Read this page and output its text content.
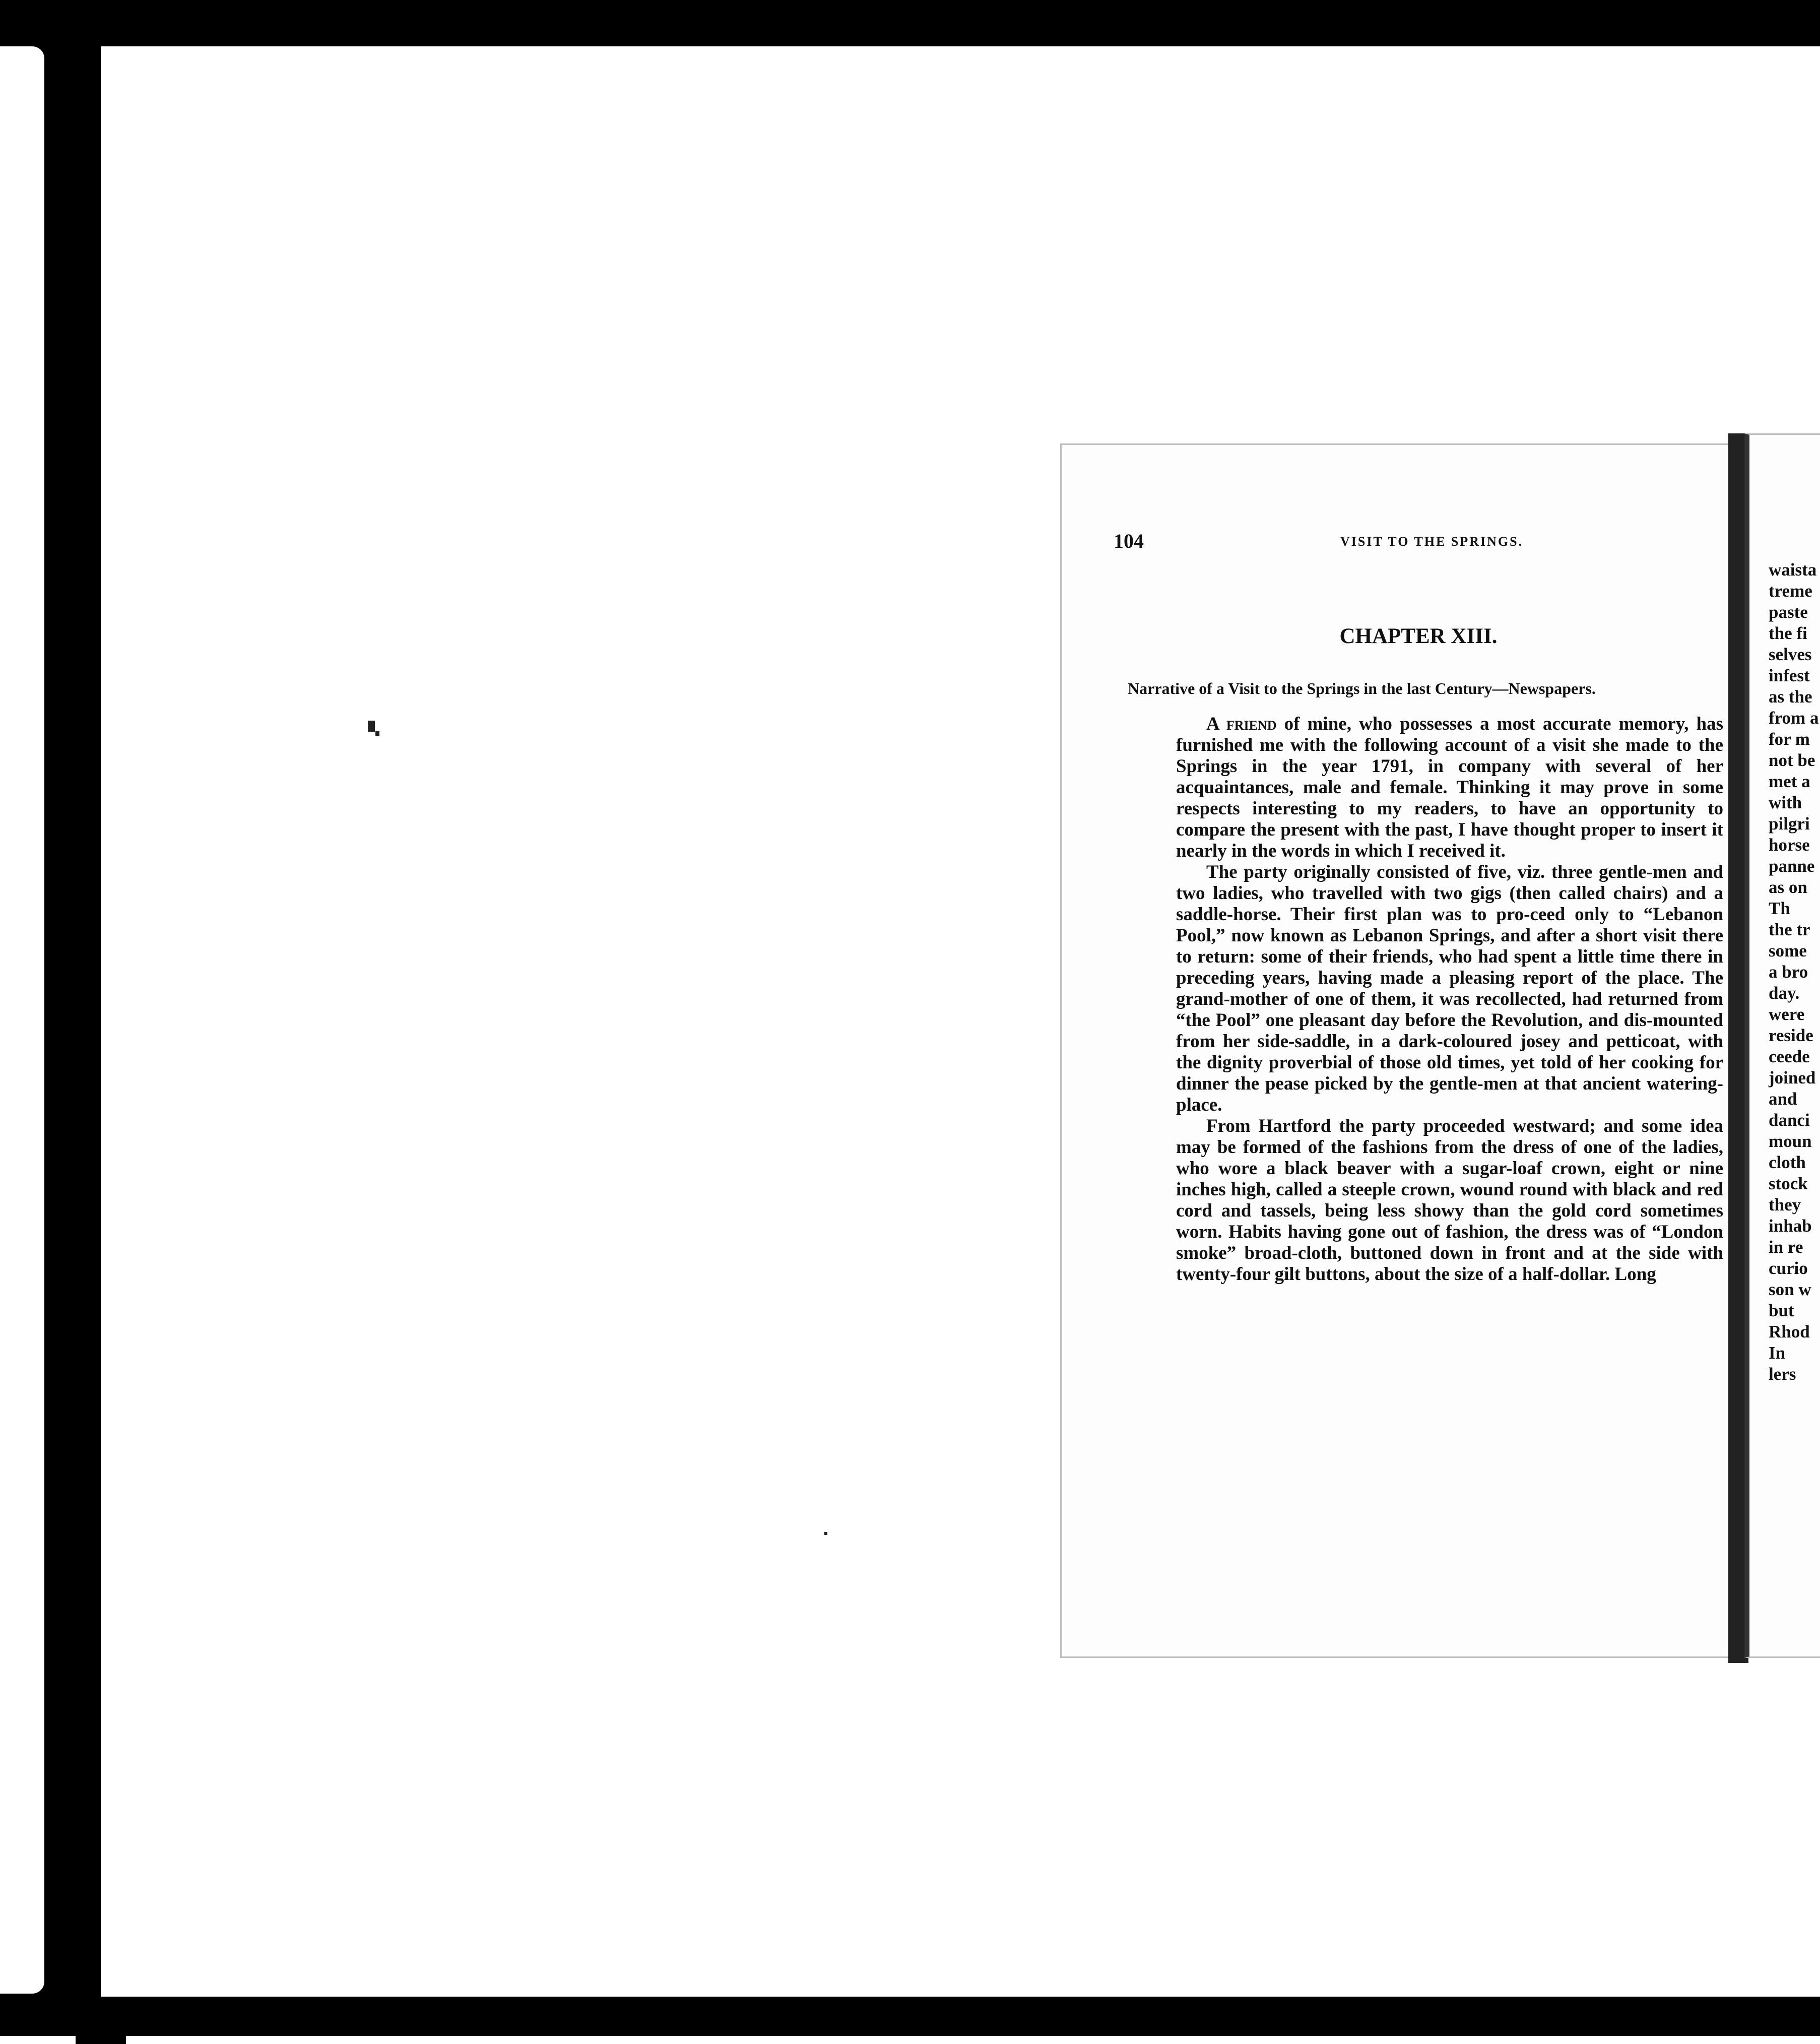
104	VISIT TO THE SPRINGS.
CHAPTER XIII.
Narrative of a Visit to the Springs in the last Century—Newspapers.

A friend of mine, who possesses a most accurate memory, has furnished me with the following account of a visit she made to the Springs in the year 1791, in company with several of her acquaintances, male and female. Thinking it may prove in some respects interesting to my readers, to have an opportunity to compare the present with the past, I have thought proper to insert it nearly in the words in which I received it.

The party originally consisted of five, viz. three gentle-men and two ladies, who travelled with two gigs (then called chairs) and a saddle-horse. Their first plan was to pro-ceed only to “Lebanon Pool,” now known as Lebanon Springs, and after a short visit there to return: some of their friends, who had spent a little time there in preceding years, having made a pleasing report of the place. The grand-mother of one of them, it was recollected, had returned from “the Pool” one pleasant day before the Revolution, and dis-mounted from her side-saddle, in a dark-coloured josey and petticoat, with the dignity proverbial of those old times, yet told of her cooking for dinner the pease picked by the gentle-men at that ancient watering-place.

From Hartford the party proceeded westward; and some idea may be formed of the fashions from the dress of one of the ladies, who wore a black beaver with a sugar-loaf crown, eight or nine inches high, called a steeple crown, wound round with black and red cord and tassels, being less showy than the gold cord sometimes worn. Habits having gone out of fashion, the dress was of “London smoke” broad-cloth, buttoned down in front and at the side with twenty-four gilt buttons, about the size of a half-dollar. Long

waista
treme
paste
the fi
selves
infest
as the
from a
for m
not be
met a
with
pilgri
horse
panne
as on
Th
the tr
some
a bro
day.
were
reside
ceede
joined
and
danci
moun
cloth
stock
they
inhab
in re
curio
son w
but
Rhod
In
lers
